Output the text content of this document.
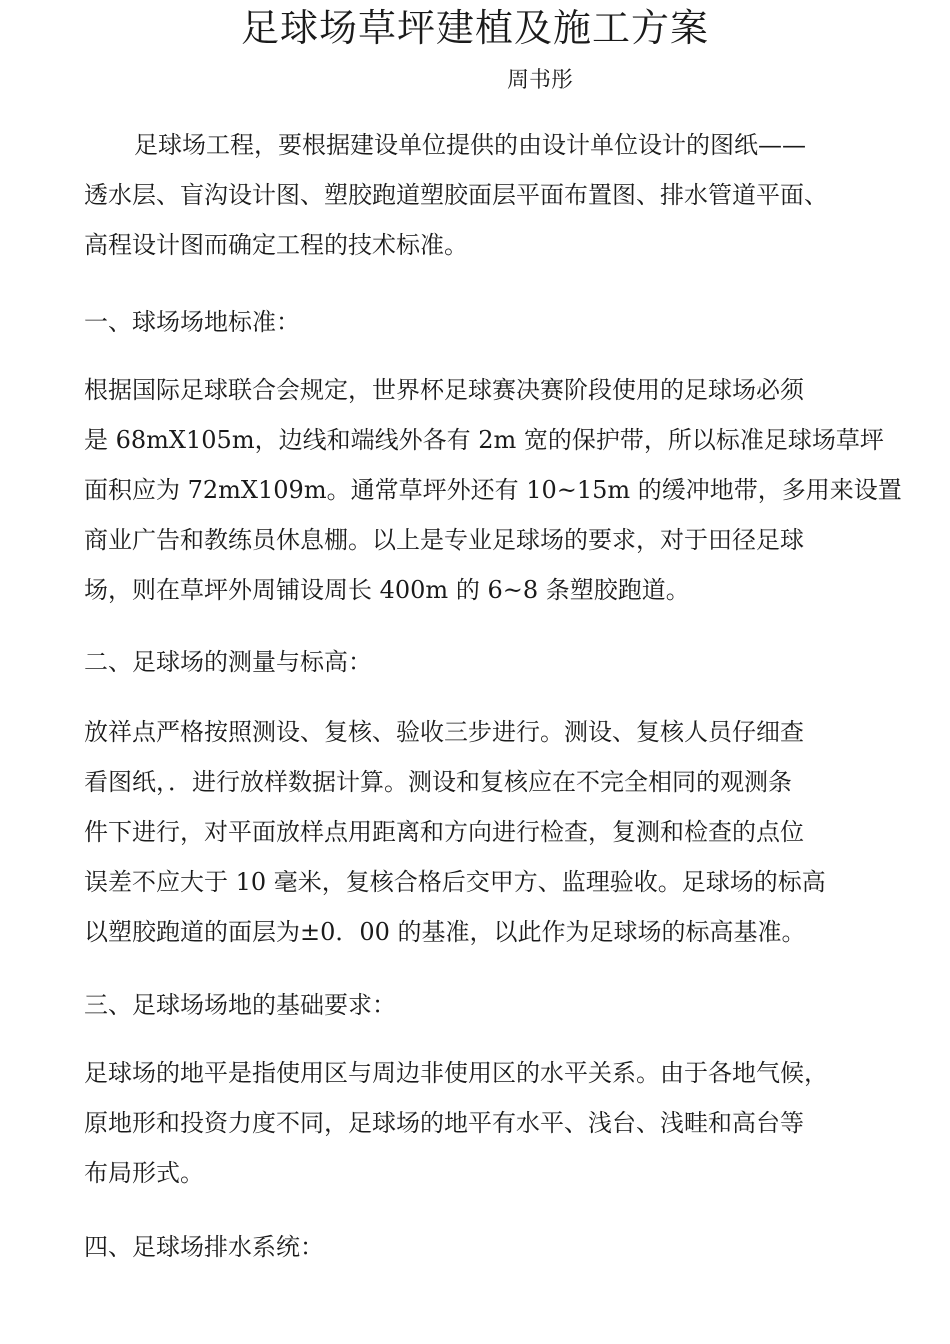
足球场草坪建植及施工方案
周书彤
足球场工程，要根据建设单位提供的由设计单位设计的图纸——
透水层、盲沟设计图、塑胶跑道塑胶面层平面布置图、排水管道平面、
高程设计图而确定工程的技术标准。
一、球场场地标准：
根据国际足球联合会规定，世界杯足球赛决赛阶段使用的足球场必须
是 68mX105m，边线和端线外各有 2m 宽的保护带，所以标准足球场草坪
面积应为 72mX109m。通常草坪外还有 10~15m 的缓冲地带，多用来设置
商业广告和教练员休息棚。以上是专业足球场的要求，对于田径足球
场，则在草坪外周铺设周长 400m 的 6~8 条塑胶跑道。
二、足球场的测量与标高：
放祥点严格按照测设、复核、验收三步进行。测设、复核人员仔细查
看图纸，．进行放样数据计算。测设和复核应在不完全相同的观测条
件下进行，对平面放样点用距离和方向进行检查，复测和检查的点位
误差不应大于 10 毫米，复核合格后交甲方、监理验收。足球场的标高
以塑胶跑道的面层为±0．00 的基准，以此作为足球场的标高基准。
三、足球场场地的基础要求：
足球场的地平是指使用区与周边非使用区的水平关系。由于各地气候，
原地形和投资力度不同，足球场的地平有水平、浅台、浅畦和高台等
布局形式。
四、足球场排水系统：
